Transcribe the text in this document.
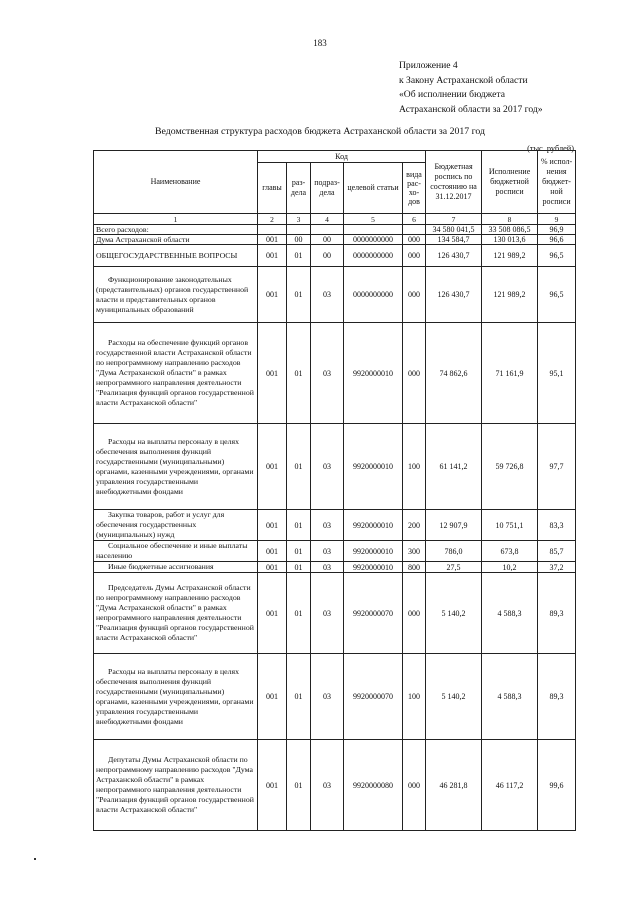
183
Приложение 4
к Закону Астраханской области
«Об исполнении бюджета
Астраханской области за 2017 год»
Ведомственная структура расходов бюджета Астраханской области за 2017 год
(тыс. рублей)
Наименование	Код					Бюджетная
роспись по
состоянию на
31.12.2017	Исполнение
бюджетной
росписи	% испол-
нения
бюджет-
ной
росписи
	главы	раз-
дела	подраз-
дела	целевой статьи	вида
рас-
хо-
дов			
1	2	3	4	5	6	7	8	9
Всего расходов:						34 580 041,5	33 508 086,5	96,9
Дума Астраханской области	001	00	00	0000000000	000	134 584,7	130 013,6	96,6
ОБЩЕГОСУДАРСТВЕННЫЕ ВОПРОСЫ	001	01	00	0000000000	000	126 430,7	121 989,2	96,5
Функционирование законодательных (представительных) органов государственной власти и представительных органов муниципальных образований	001	01	03	0000000000	000	126 430,7	121 989,2	96,5
Расходы на обеспечение функций органов государственной власти Астраханской области по непрограммному направлению расходов "Дума Астраханской области" в рамках непрограммного направления деятельности "Реализация функций органов государственной власти Астраханской области"	001	01	03	9920000010	000	74 862,6	71 161,9	95,1
Расходы на выплаты персоналу в целях обеспечения выполнения функций государственными (муниципальными) органами, казенными учреждениями, органами управления государственными внебюджетными фондами	001	01	03	9920000010	100	61 141,2	59 726,8	97,7
Закупка товаров, работ и услуг для обеспечения государственных (муниципальных) нужд	001	01	03	9920000010	200	12 907,9	10 751,1	83,3
Социальное обеспечение и иные выплаты населению	001	01	03	9920000010	300	786,0	673,8	85,7
Иные бюджетные ассигнования	001	01	03	9920000010	800	27,5	10,2	37,2
Председатель Думы Астраханской области по непрограммному направлению расходов "Дума Астраханской области" в рамках непрограммного направления деятельности "Реализация функций органов государственной власти Астраханской области"	001	01	03	9920000070	000	5 140,2	4 588,3	89,3
Расходы на выплаты персоналу в целях обеспечения выполнения функций государственными (муниципальными) органами, казенными учреждениями, органами управления государственными внебюджетными фондами	001	01	03	9920000070	100	5 140,2	4 588,3	89,3
Депутаты Думы Астраханской области по непрограммному направлению расходов "Дума Астраханской области" в рамках непрограммного направления деятельности "Реализация функций органов государственной власти Астраханской области"	001	01	03	9920000080	000	46 281,8	46 117,2	99,6
